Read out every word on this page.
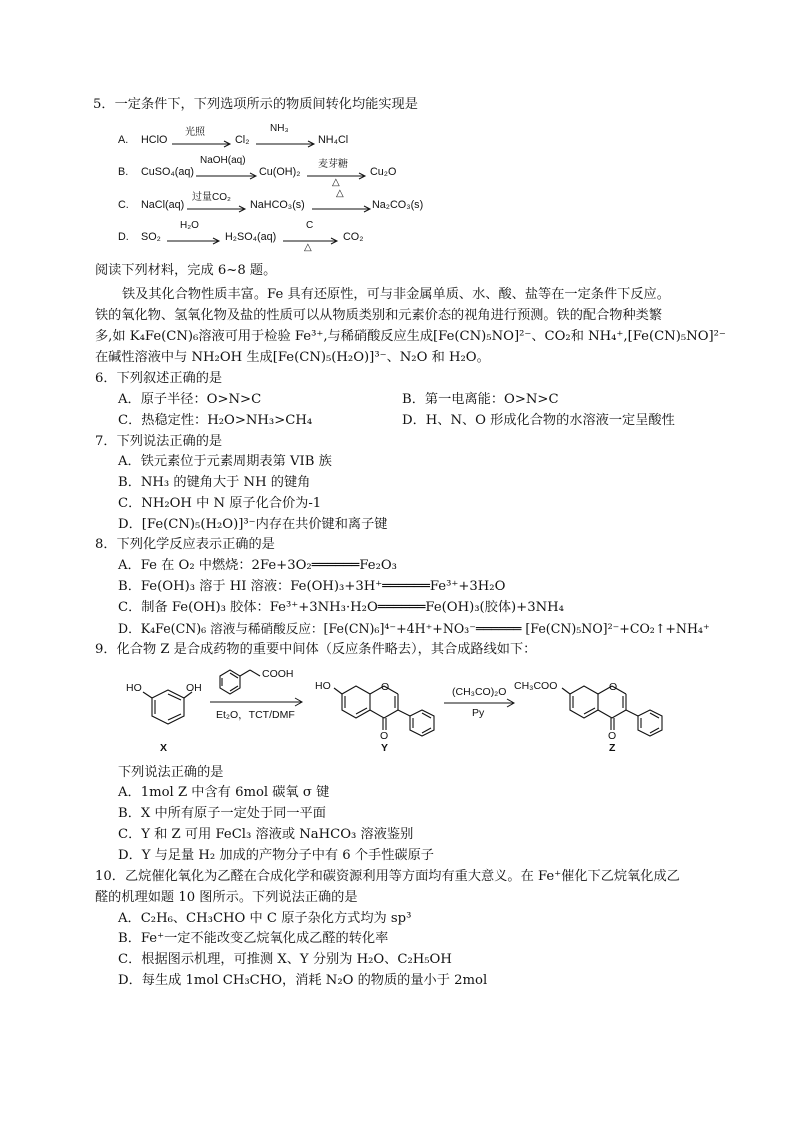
5．一定条件下，下列选项所示的物质间转化均能实现是
A. HClO
光照
Cl₂
NH₃
NH₄Cl
B. CuSO₄(aq)
NaOH(aq)
Cu(OH)₂
麦芽糖
△
Cu₂O
C. NaCl(aq)
过量CO₂
NaHCO₃(s)
△
Na₂CO₃(s)
D. SO₂
H₂O
H₂SO₄(aq)
C
△
CO₂
阅读下列材料，完成 6~8 题。
铁及其化合物性质丰富。Fe 具有还原性，可与非金属单质、水、酸、盐等在一定条件下反应。
铁的氧化物、氢氧化物及盐的性质可以从物质类别和元素价态的视角进行预测。铁的配合物种类繁
多,如 K₄Fe(CN)₆溶液可用于检验 Fe³⁺,与稀硝酸反应生成[Fe(CN)₅NO]²⁻、CO₂和 NH₄⁺,[Fe(CN)₅NO]²⁻
在碱性溶液中与 NH₂OH 生成[Fe(CN)₅(H₂O)]³⁻、N₂O 和 H₂O。
6．下列叙述正确的是
A．原子半径：O>N>C	B．第一电离能：O>N>C
C．热稳定性：H₂O>NH₃>CH₄	D．H、N、O 形成化合物的水溶液一定呈酸性
7．下列说法正确的是
A．铁元素位于元素周期表第 VIB 族
B．NH₃ 的键角大于 NH 的键角
C．NH₂OH 中 N 原子化合价为-1
D．[Fe(CN)₅(H₂O)]³⁻内存在共价键和离子键
8．下列化学反应表示正确的是
A．Fe 在 O₂ 中燃烧：2Fe+3O₂══════Fe₂O₃
B．Fe(OH)₃ 溶于 HI 溶液：Fe(OH)₃+3H⁺══════Fe³⁺+3H₂O
C．制备 Fe(OH)₃ 胶体：Fe³⁺+3NH₃·H₂O══════Fe(OH)₃(胶体)+3NH₄
D．K₄Fe(CN)₆ 溶液与稀硝酸反应：[Fe(CN)₆]⁴⁻+4H⁺+NO₃⁻══════ [Fe(CN)₅NO]²⁻+CO₂↑+NH₄⁺
9．化合物 Z 是合成药物的重要中间体（反应条件略去），其合成路线如下：
HO	OH
X
COOH
Et₂O，TCT/DMF
HO	O
O
Y
(CH₃CO)₂O
Py
CH₃COO	O
O
Z
下列说法正确的是
A．1mol Z 中含有 6mol 碳氧 σ 键
B．X 中所有原子一定处于同一平面
C．Y 和 Z 可用 FeCl₃ 溶液或 NaHCO₃ 溶液鉴别
D．Y 与足量 H₂ 加成的产物分子中有 6 个手性碳原子
10．乙烷催化氧化为乙醛在合成化学和碳资源利用等方面均有重大意义。在 Fe⁺催化下乙烷氧化成乙
醛的机理如题 10 图所示。下列说法正确的是
A．C₂H₆、CH₃CHO 中 C 原子杂化方式均为 sp³
B．Fe⁺一定不能改变乙烷氧化成乙醛的转化率
C．根据图示机理，可推测 X、Y 分别为 H₂O、C₂H₅OH
D．每生成 1mol CH₃CHO，消耗 N₂O 的物质的量小于 2mol
